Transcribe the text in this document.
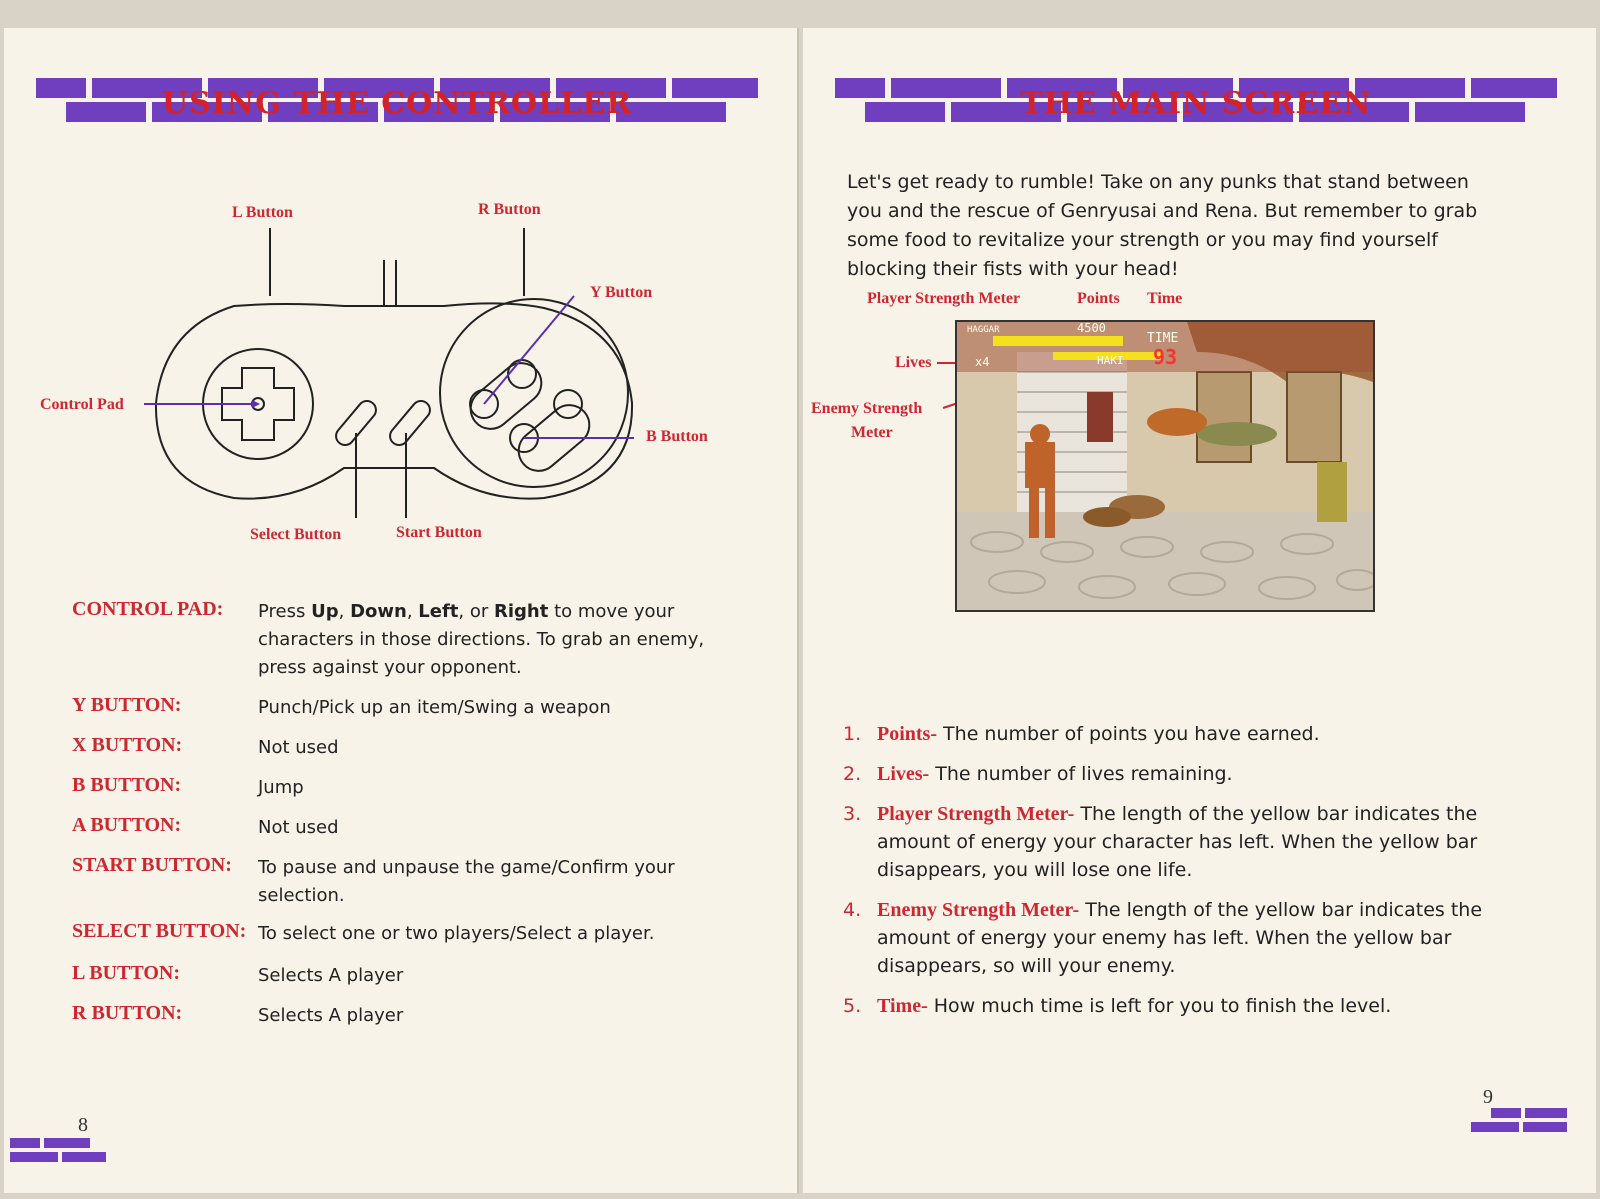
USING THE CONTROLLER
L Button	R Button
Y Button
Control Pad
B Button
Select Button	Start Button
CONTROL PAD: Press Up, Down, Left, or Right to move your characters in those directions. To grab an enemy, press against your opponent.
Y BUTTON:	Punch/Pick up an item/Swing a weapon
X BUTTON:	Not used
B BUTTON:	Jump
A BUTTON:	Not used
START BUTTON: To pause and unpause the game/Confirm your selection.
SELECT BUTTON: To select one or two players/Select a player.
L BUTTON:	Selects A player
R BUTTON:	Selects A player
8
THE MAIN SCREEN
Let's get ready to rumble! Take on any punks that stand between you and the rescue of Genryusai and Rena. But remember to grab some food to revitalize your strength or you may find yourself blocking their fists with your head!
Player Strength Meter	Points Time
Lives
Enemy Strength
Meter
HAGGAR	4500
x4	HAKI
TIME
93
1. Points- The number of points you have earned.
2. Lives- The number of lives remaining.
3. Player Strength Meter- The length of the yellow bar indicates the amount of energy your character has left. When the yellow bar disappears, you will lose one life.
4. Enemy Strength Meter- The length of the yellow bar indicates the amount of energy your enemy has left. When the yellow bar disappears, so will your enemy.
5. Time- How much time is left for you to finish the level.
9
